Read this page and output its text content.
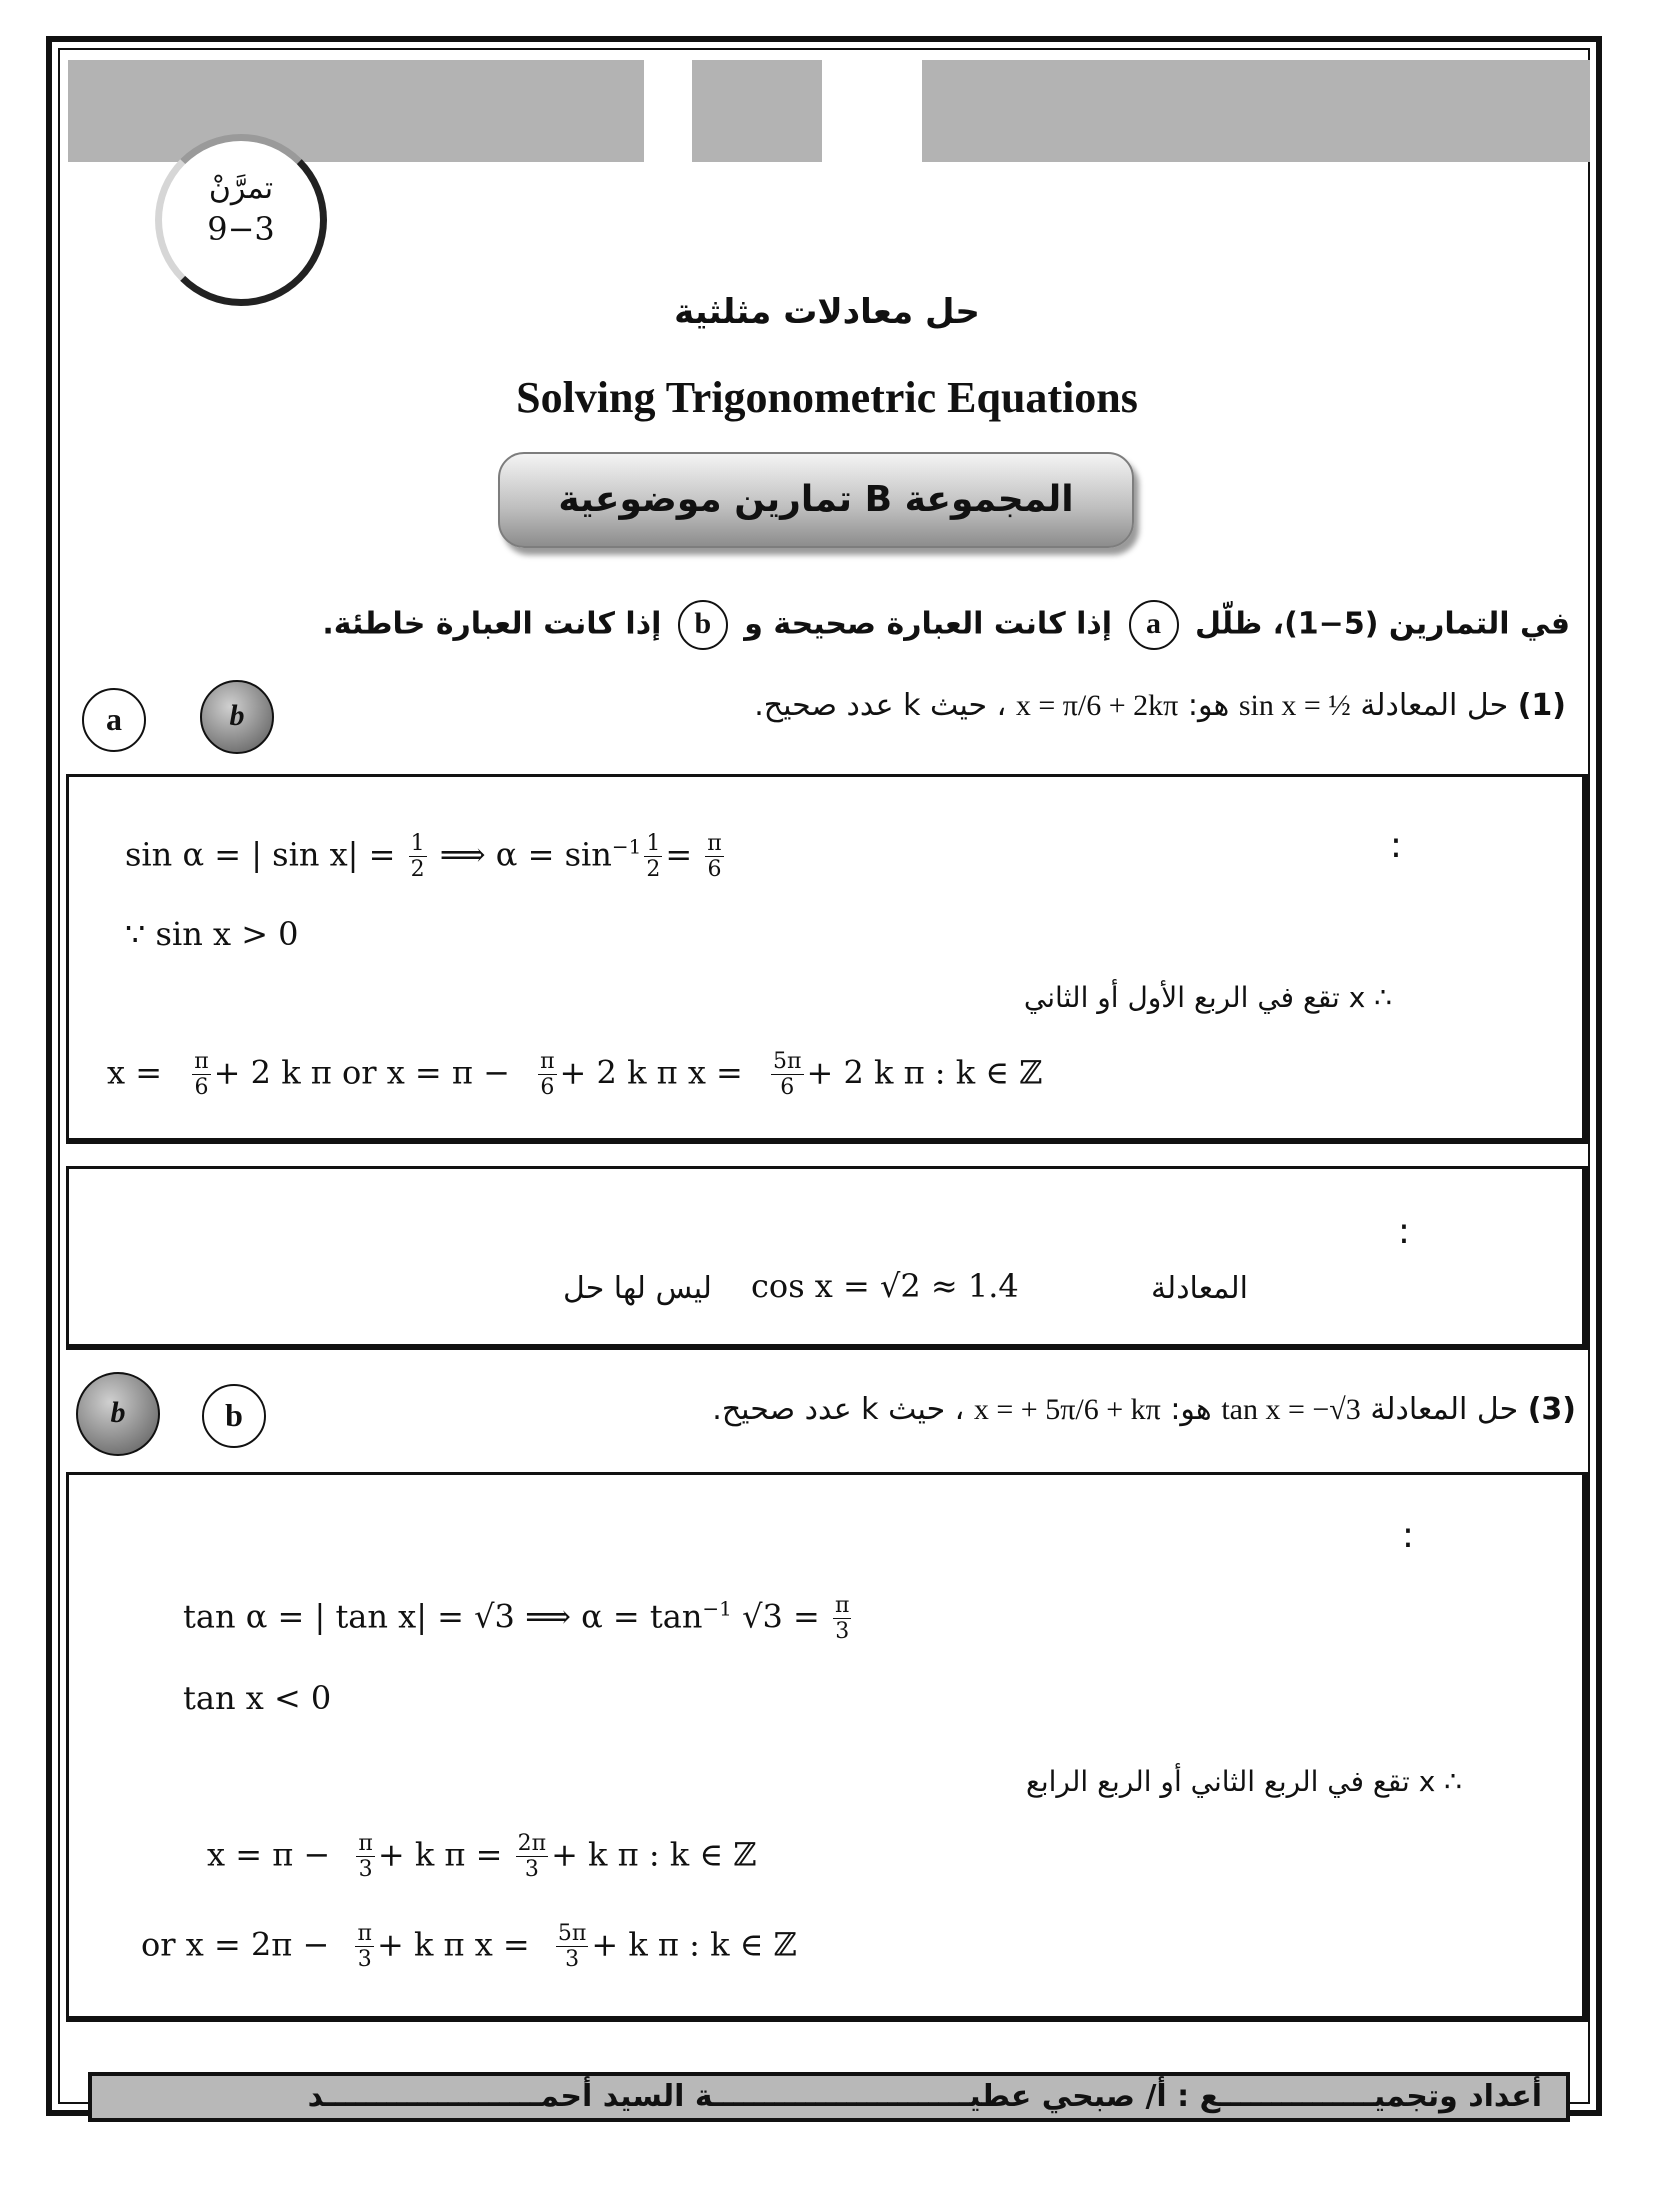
تمرَّنْ
9−3
حل معادلات مثلثية
Solving Trigonometric Equations
المجموعة B تمارين موضوعية
في التمارين (5−1)، ظلّل a إذا كانت العبارة صحيحة و b إذا كانت العبارة خاطئة.
(1) حل المعادلة sin x = ½ هو: x = π/6 + 2kπ ، حيث k عدد صحيح.
a	b
:
sin α = | $\sin x| = \frac{1}{2}$ ⟹ $\alpha = \sin^{-1} \frac{1}{2} = \frac{\pi}{6}$
∵ sin x > 0
∴ x تقع في الربع الأول أو الثاني
$x = \frac{\pi}{6} + 2$ k π or $x = \pi - \frac{\pi}{6} + 2$ k π $x = \frac{5\pi}{6} + 2$ k π : k ∈ ℤ
:
المعادلة
cos x = √2 ≈ 1.4
ليس لها حل
(3) حل المعادلة tan x = −√3 هو: x = + 5π/6 + kπ ، حيث k عدد صحيح.
b	b
:
tan α = | tan x| = √3 ⟹ $\alpha = \tan^{-1} √3 = \frac{\pi}{3}$
tan x < 0
∴ x تقع في الربع الثاني أو الربع الرابع
$x = \pi - \frac{\pi}{3} + k$ $\pi = \frac{2\pi}{3} + k$ π : k ∈ ℤ
or $x = 2\pi - \frac{\pi}{3} + k$ π $x = \frac{5\pi}{3} + k$ π : k ∈ ℤ
أعداد وتجميـــــــــــــــع : أ/ صبحي عطيـــــــــــــــــــــــــة السيد أحمـــــــــــــــــــــد
